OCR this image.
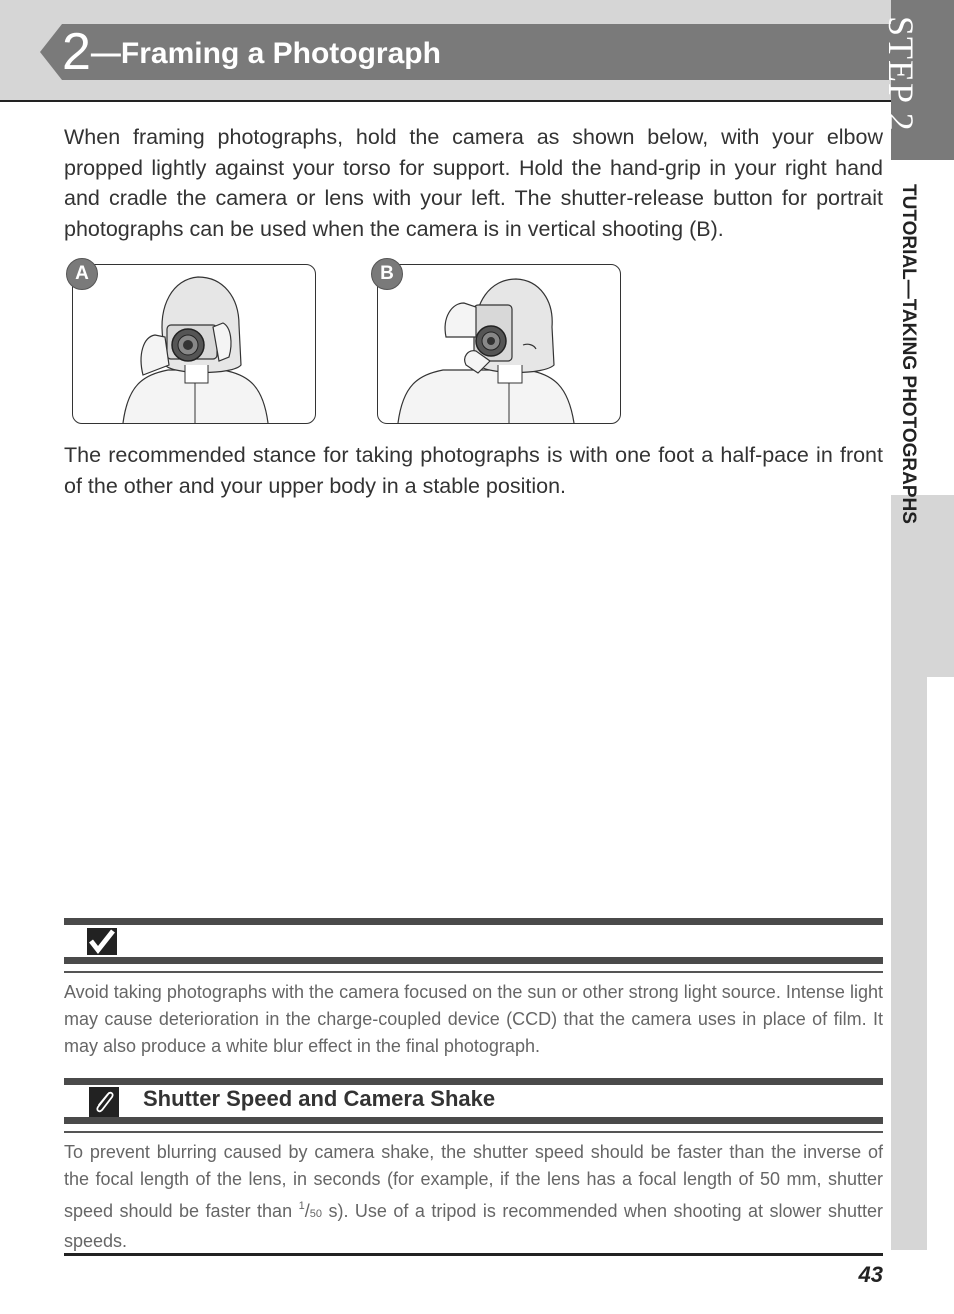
2—Framing a Photograph	STEP 2
TUTORIAL—TAKING PHOTOGRAPHS
When framing photographs, hold the camera as shown below, with your elbow propped lightly against your torso for support. Hold the hand-grip in your right hand and cradle the camera or lens with your left. The shutter-release button for portrait photographs can be used when the camera is in vertical shooting (B).
A	B
The recommended stance for taking photographs is with one foot a half-pace in front of the other and your upper body in a stable position.
Avoid taking photographs with the camera focused on the sun or other strong light source. Intense light may cause deterioration in the charge-coupled device (CCD) that the camera uses in place of film. It may also produce a white blur effect in the final photograph.
Shutter Speed and Camera Shake
To prevent blurring caused by camera shake, the shutter speed should be faster than the inverse of the focal length of the lens, in seconds (for example, if the lens has a focal length of 50 mm, shutter speed should be faster than $^1$/50 s). Use of a tripod is recommended when shooting at slower shutter speeds.
43
